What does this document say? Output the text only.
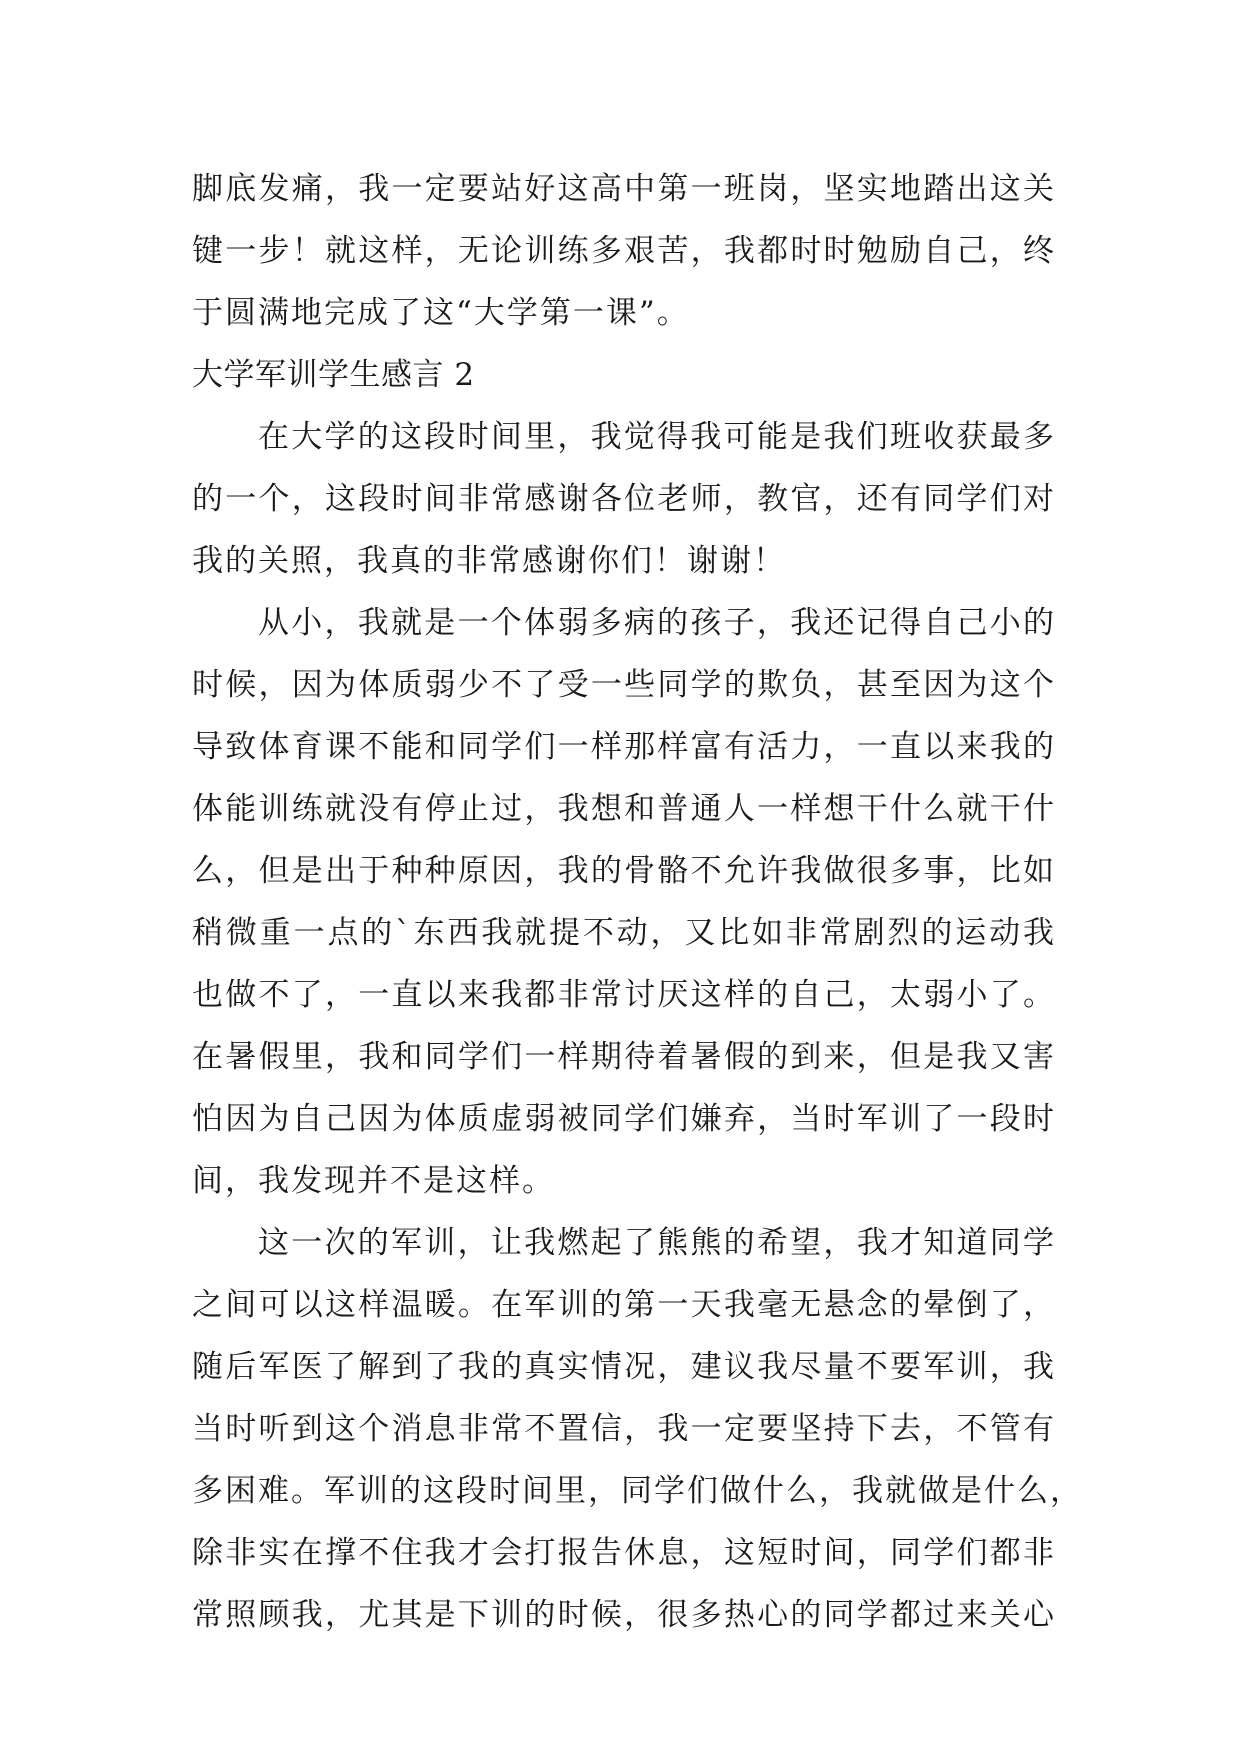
脚底发痛，我一定要站好这高中第一班岗，坚实地踏出这关
键一步！就这样，无论训练多艰苦，我都时时勉励自己，终
于圆满地完成了这“大学第一课”。
大学军训学生感言 2
在大学的这段时间里，我觉得我可能是我们班收获最多
的一个，这段时间非常感谢各位老师，教官，还有同学们对
我的关照，我真的非常感谢你们！谢谢！
从小，我就是一个体弱多病的孩子，我还记得自己小的
时候，因为体质弱少不了受一些同学的欺负，甚至因为这个
导致体育课不能和同学们一样那样富有活力，一直以来我的
体能训练就没有停止过，我想和普通人一样想干什么就干什
么，但是出于种种原因，我的骨骼不允许我做很多事，比如
稍微重一点的`东西我就提不动，又比如非常剧烈的运动我
也做不了，一直以来我都非常讨厌这样的自己，太弱小了。
在暑假里，我和同学们一样期待着暑假的到来，但是我又害
怕因为自己因为体质虚弱被同学们嫌弃，当时军训了一段时
间，我发现并不是这样。
这一次的军训，让我燃起了熊熊的希望，我才知道同学
之间可以这样温暖。在军训的第一天我毫无悬念的晕倒了，
随后军医了解到了我的真实情况，建议我尽量不要军训，我
当时听到这个消息非常不置信，我一定要坚持下去，不管有
多困难。军训的这段时间里，同学们做什么，我就做是什么，
除非实在撑不住我才会打报告休息，这短时间，同学们都非
常照顾我，尤其是下训的时候，很多热心的同学都过来关心
